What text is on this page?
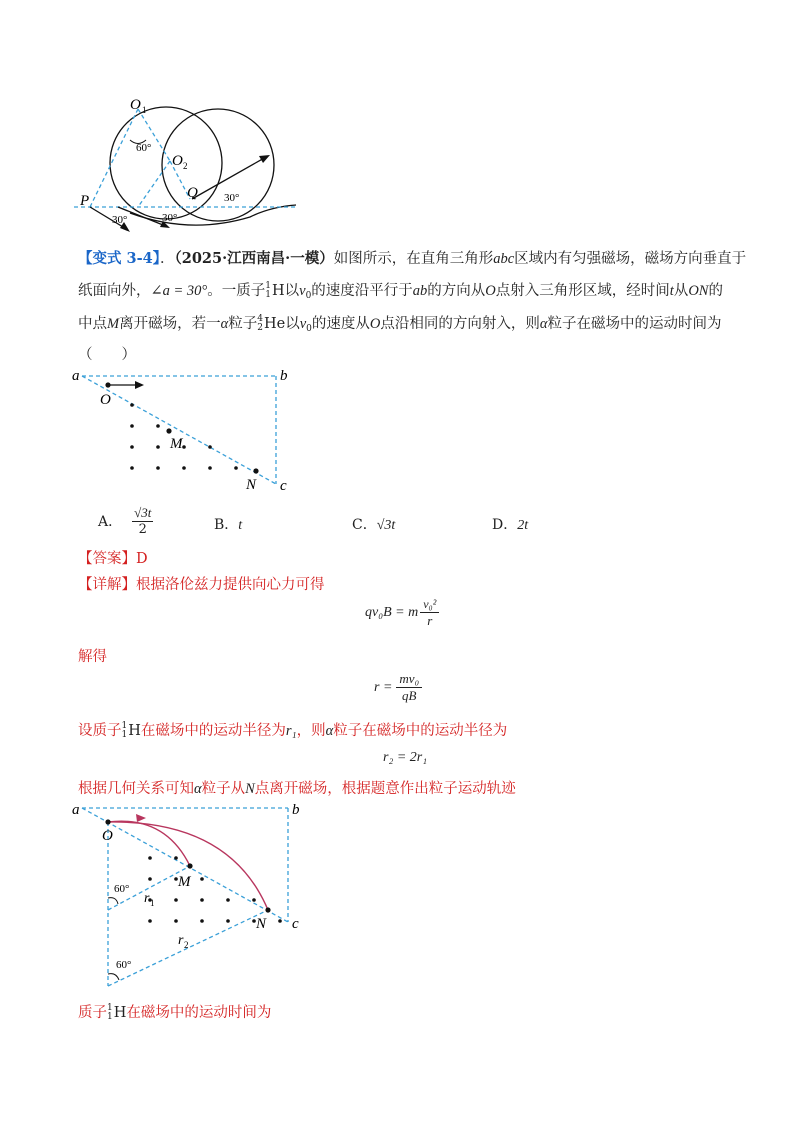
O 1
60°
O 2
P	Q
30°	30°
30°
【变式 3-4】．（2025·江西南昌·一模）如图所示，在直角三角形abc区域内有匀强磁场，磁场方向垂直于
纸面向外，∠a = 30°。一质子1
1H以$v_0$的速度沿平行于ab的方向从O点射入三角形区域，经时间t从ON的
中点M离开磁场，若一α粒子4
2He以$v_0$的速度从O点沿相同的方向射入，则α粒子在磁场中的运动时间为
（　　）
a	b
c
O
M
N
A．
√3t
2	B．t	C．√3t	D．2t
【答案】D
【详解】根据洛伦兹力提供向心力可得
qv₀B = m
v₀²
r
解得
$r = \frac{\text{mv₀}}{qB}$
设质子1
1H在磁场中的运动半径为r₁，则α粒子在磁场中的运动半径为
r₂ = 2r₁
根据几何关系可知α粒子从N点离开磁场，根据题意作出粒子运动轨迹
a	b
c
O
M
N
r 1
r 2
60°
60°
质子1
1H在磁场中的运动时间为
